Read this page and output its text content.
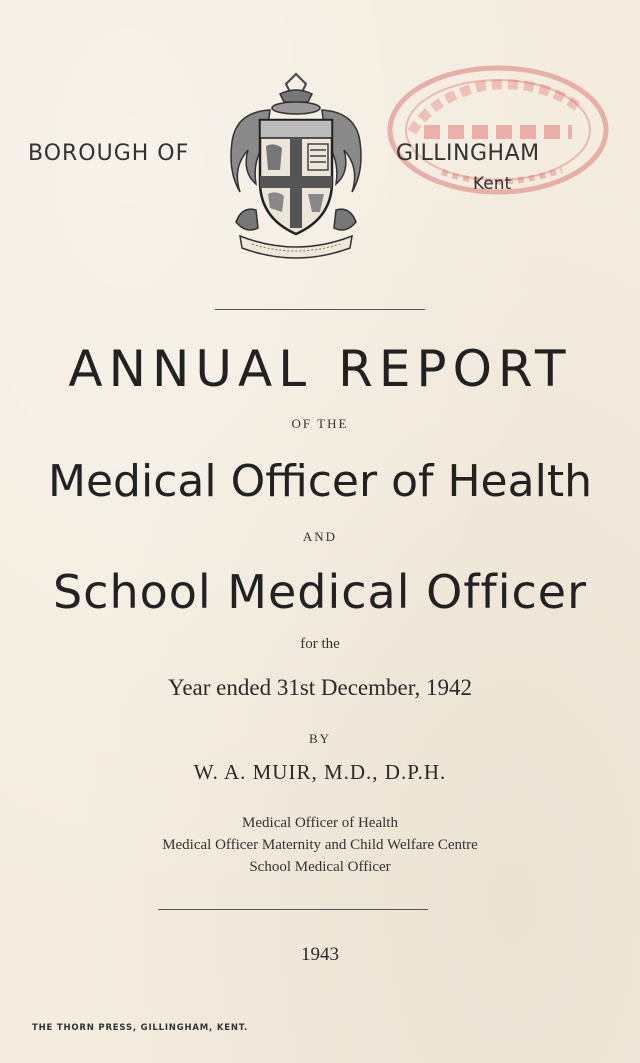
BOROUGH OF	GILLINGHAM
Kent
ANNUAL REPORT
OF THE
Medical Officer of Health
AND
School Medical Officer
for the
Year ended 31st December, 1942
BY
W. A. MUIR, M.D., D.P.H.
Medical Officer of Health
Medical Officer Maternity and Child Welfare Centre
School Medical Officer
1943
THE THORN PRESS, GILLINGHAM, KENT.
